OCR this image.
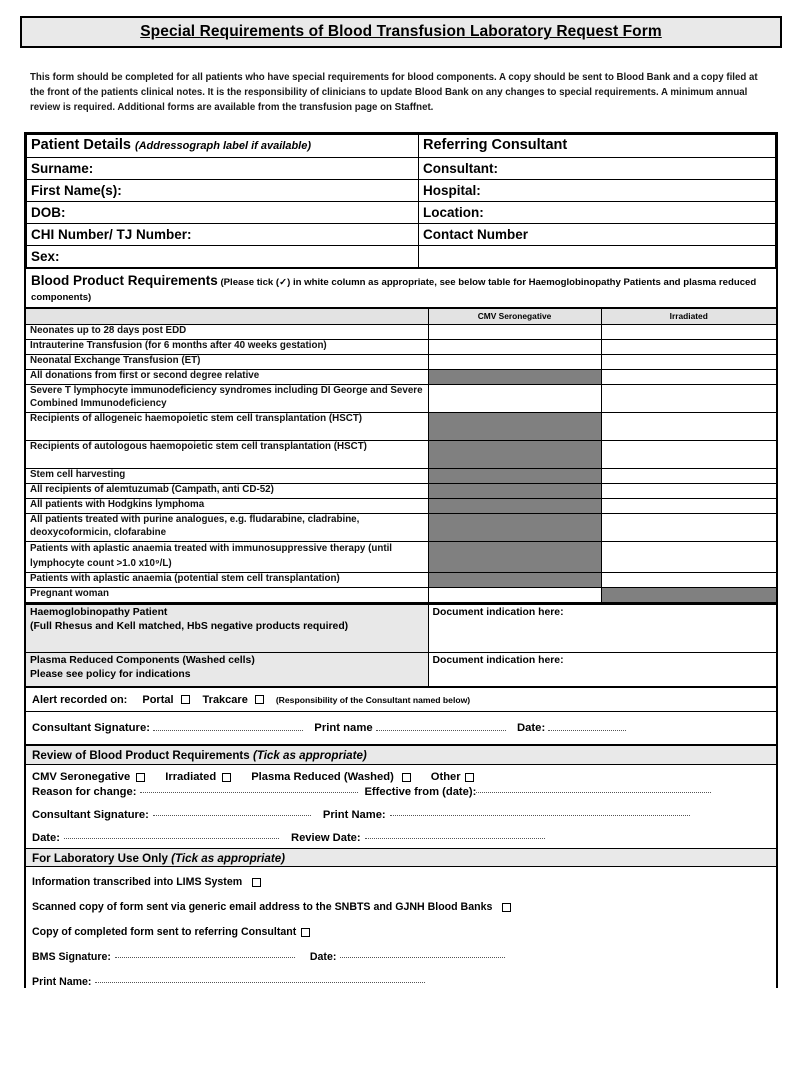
Special Requirements of Blood Transfusion Laboratory Request Form
This form should be completed for all patients who have special requirements for blood components. A copy should be sent to Blood Bank and a copy filed at the front of the patients clinical notes. It is the responsibility of clinicians to update Blood Bank on any changes to special requirements. A minimum annual review is required. Additional forms are available from the transfusion page on Staffnet.
Patient Details (Addressograph label if available)	Referring Consultant
Surname:	Consultant:
First Name(s):	Hospital:
DOB:	Location:
CHI Number/ TJ Number:	Contact Number
Sex:	
Blood Product Requirements (Please tick (✓) in white column as appropriate, see below table for Haemoglobinopathy Patients and plasma reduced components)
	CMV Seronegative	Irradiated
Neonates up to 28 days post EDD		
Intrauterine Transfusion (for 6 months after 40 weeks gestation)		
Neonatal Exchange Transfusion (ET)		
All donations from first or second degree relative		
Severe T lymphocyte immunodeficiency syndromes including DI George and Severe Combined Immunodeficiency		
Recipients of allogeneic haemopoietic stem cell transplantation (HSCT)		
Recipients of autologous haemopoietic stem cell transplantation (HSCT)		
Stem cell harvesting		
All recipients of alemtuzumab (Campath, anti CD-52)		
All patients with Hodgkins lymphoma		
All patients treated with purine analogues, e.g. fludarabine, cladrabine, deoxycoformicin, clofarabine		
Patients with aplastic anaemia treated with immunosuppressive therapy (until lymphocyte count >1.0 x10⁹/L)		
Patients with aplastic anaemia (potential stem cell transplantation)		
Pregnant woman		
Haemoglobinopathy Patient
(Full Rhesus and Kell matched, HbS negative products required)	Document indication here:

Plasma Reduced Components (Washed cells)
Please see policy for indications	Document indication here:
Alert recorded on: Portal	Trakcare	(Responsibility of the Consultant named below)
Consultant Signature:	Print name	Date:
Review of Blood Product Requirements (Tick as appropriate)
CMV Seronegative	Irradiated	Plasma Reduced (Washed)	Other
Reason for change:	Effective from (date):
Consultant Signature:	Print Name:
Date:	Review Date:
For Laboratory Use Only (Tick as appropriate)
Information transcribed into LIMS System
Scanned copy of form sent via generic email address to the SNBTS and GJNH Blood Banks
Copy of completed form sent to referring Consultant
BMS Signature:	Date:
Print Name:
